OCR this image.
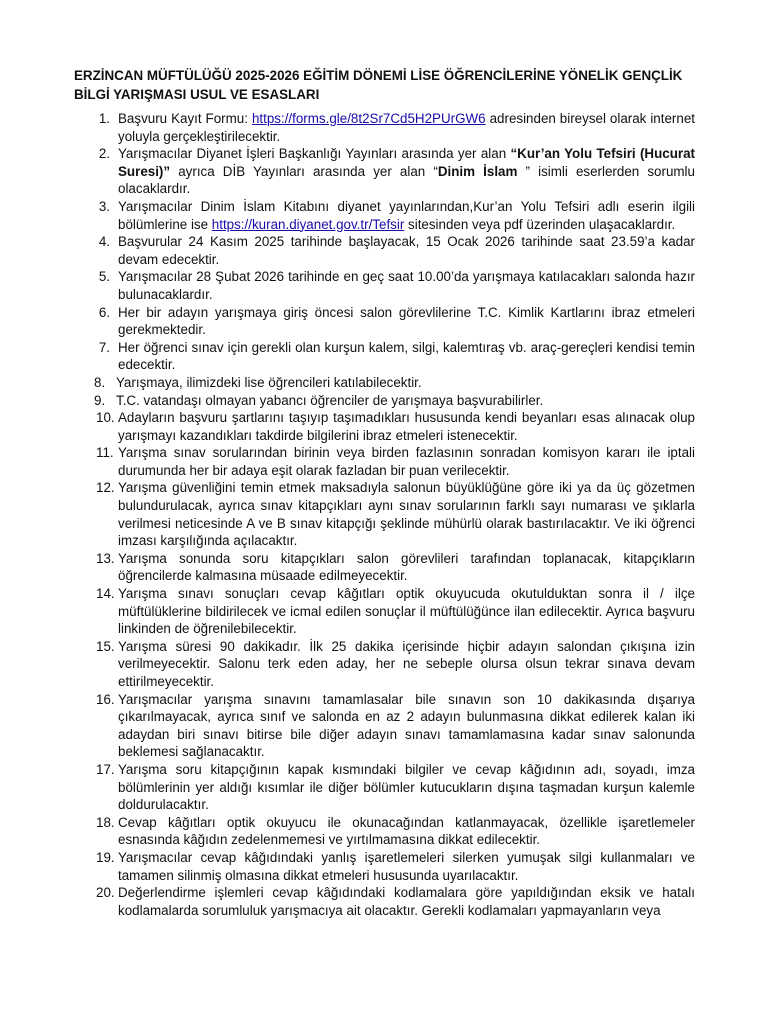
ERZİNCAN MÜFTÜLÜĞÜ 2025-2026 EĞİTİM DÖNEMİ LİSE ÖĞRENCİLERİNE YÖNELİK GENÇLİK BİLGİ YARIŞMASI USUL VE ESASLARI
1. Başvuru Kayıt Formu: https://forms.gle/8t2Sr7Cd5H2PUrGW6 adresinden bireysel olarak internet yoluyla gerçekleştirilecektir.
2. Yarışmacılar Diyanet İşleri Başkanlığı Yayınları arasında yer alan “Kur’an Yolu Tefsiri (Hucurat Suresi)” ayrıca DİB Yayınları arasında yer alan “Dinim İslam ” isimli eserlerden sorumlu olacaklardır.
3. Yarışmacılar Dinim İslam Kitabını diyanet yayınlarından,Kur’an Yolu Tefsiri adlı eserin ilgili bölümlerine ise https://kuran.diyanet.gov.tr/Tefsir sitesinden veya pdf üzerinden ulaşacaklardır.
4. Başvurular 24 Kasım 2025 tarihinde başlayacak, 15 Ocak 2026 tarihinde saat 23.59’a kadar devam edecektir.
5. Yarışmacılar 28 Şubat 2026 tarihinde en geç saat 10.00’da yarışmaya katılacakları salonda hazır bulunacaklardır.
6. Her bir adayın yarışmaya giriş öncesi salon görevlilerine T.C. Kimlik Kartlarını ibraz etmeleri gerekmektedir.
7. Her öğrenci sınav için gerekli olan kurşun kalem, silgi, kalemtıraş vb. araç-gereçleri kendisi temin edecektir.
8. Yarışmaya, ilimizdeki lise öğrencileri katılabilecektir.
9. T.C. vatandaşı olmayan yabancı öğrenciler de yarışmaya başvurabilirler.
10. Adayların başvuru şartlarını taşıyıp taşımadıkları hususunda kendi beyanları esas alınacak olup yarışmayı kazandıkları takdirde bilgilerini ibraz etmeleri istenecektir.
11. Yarışma sınav sorularından birinin veya birden fazlasının sonradan komisyon kararı ile iptali durumunda her bir adaya eşit olarak fazladan bir puan verilecektir.
12. Yarışma güvenliğini temin etmek maksadıyla salonun büyüklüğüne göre iki ya da üç gözetmen bulundurulacak, ayrıca sınav kitapçıkları aynı sınav sorularının farklı sayı numarası ve şıklarla verilmesi neticesinde A ve B sınav kitapçığı şeklinde mühürlü olarak bastırılacaktır. Ve iki öğrenci imzası karşılığında açılacaktır.
13. Yarışma sonunda soru kitapçıkları salon görevlileri tarafından toplanacak, kitapçıkların öğrencilerde kalmasına müsaade edilmeyecektir.
14. Yarışma sınavı sonuçları cevap kâğıtları optik okuyucuda okutulduktan sonra il / ilçe müftülüklerine bildirilecek ve icmal edilen sonuçlar il müftülüğünce ilan edilecektir. Ayrıca başvuru linkinden de öğrenilebilecektir.
15. Yarışma süresi 90 dakikadır. İlk 25 dakika içerisinde hiçbir adayın salondan çıkışına izin verilmeyecektir. Salonu terk eden aday, her ne sebeple olursa olsun tekrar sınava devam ettirilmeyecektir.
16. Yarışmacılar yarışma sınavını tamamlasalar bile sınavın son 10 dakikasında dışarıya çıkarılmayacak, ayrıca sınıf ve salonda en az 2 adayın bulunmasına dikkat edilerek kalan iki adaydan biri sınavı bitirse bile diğer adayın sınavı tamamlamasına kadar sınav salonunda beklemesi sağlanacaktır.
17. Yarışma soru kitapçığının kapak kısmındaki bilgiler ve cevap kâğıdının adı, soyadı, imza bölümlerinin yer aldığı kısımlar ile diğer bölümler kutucukların dışına taşmadan kurşun kalemle doldurulacaktır.
18. Cevap kâğıtları optik okuyucu ile okunacağından katlanmayacak, özellikle işaretlemeler esnasında kâğıdın zedelenmemesi ve yırtılmamasına dikkat edilecektir.
19. Yarışmacılar cevap kâğıdındaki yanlış işaretlemeleri silerken yumuşak silgi kullanmaları ve tamamen silinmiş olmasına dikkat etmeleri hususunda uyarılacaktır.
20. Değerlendirme işlemleri cevap kâğıdındaki kodlamalara göre yapıldığından eksik ve hatalı kodlamalarda sorumluluk yarışmacıya ait olacaktır. Gerekli kodlamaları yapmayanların veya
